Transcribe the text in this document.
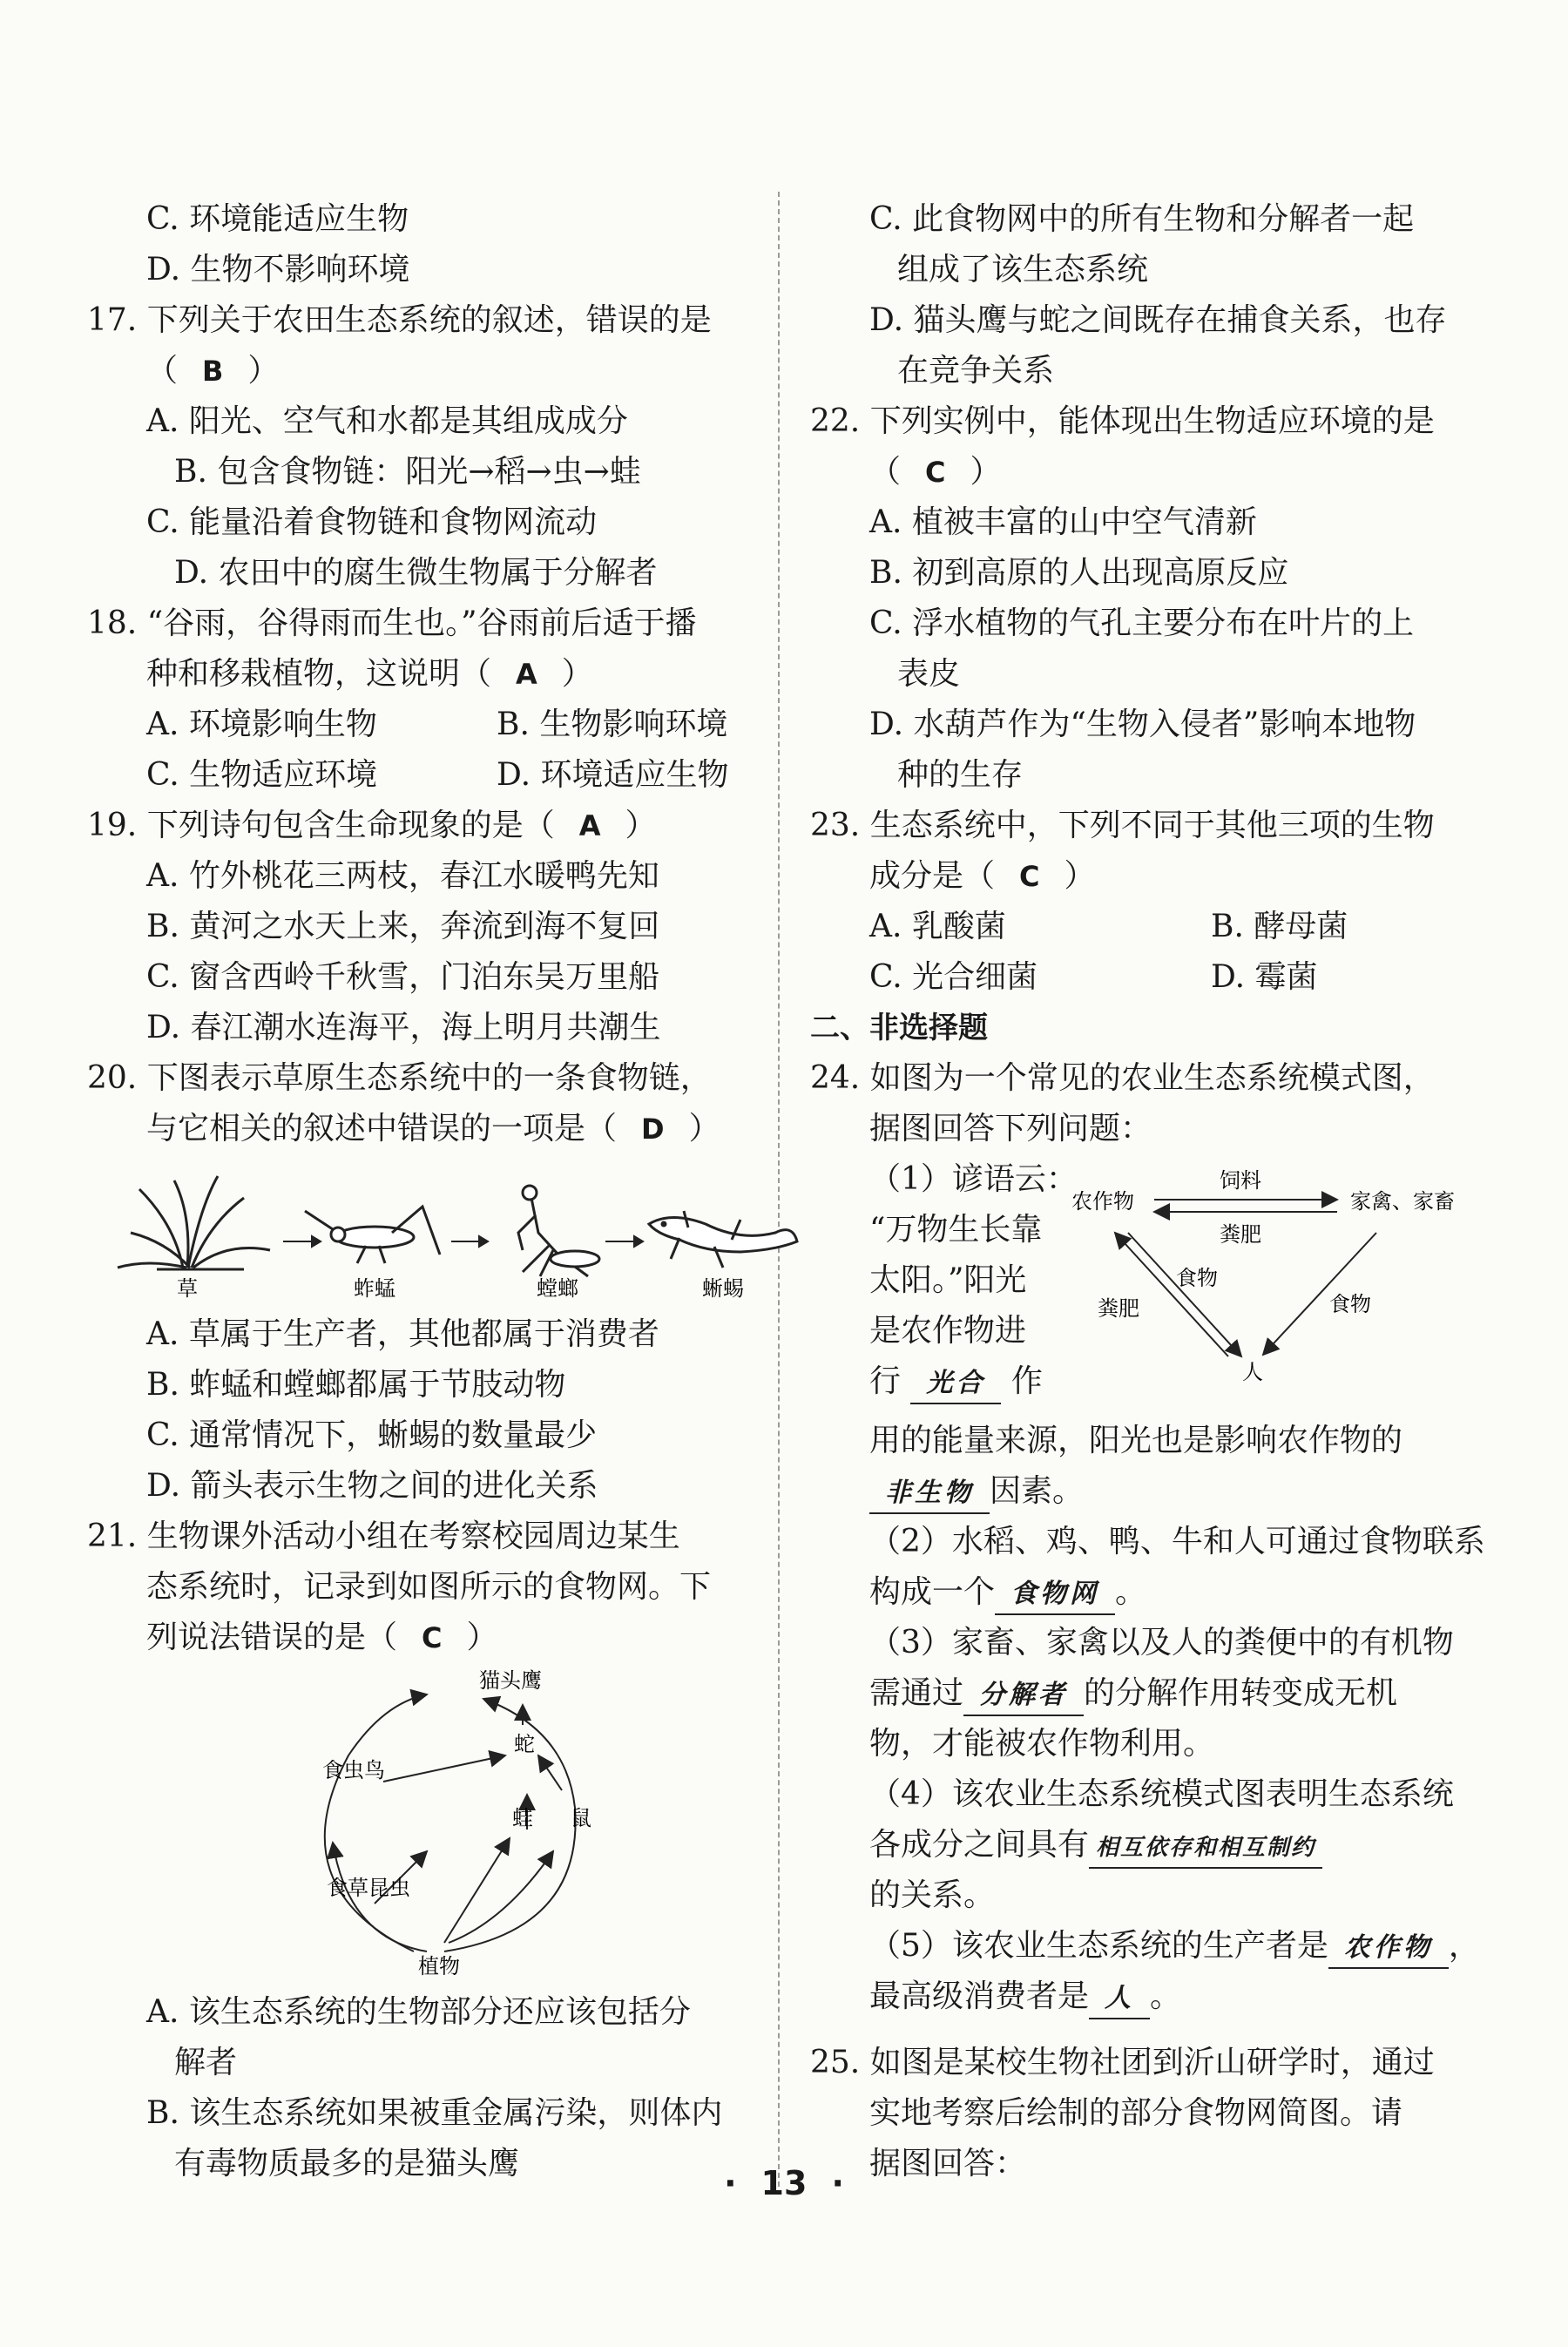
C. 环境能适应生物
D. 生物不影响环境
17. 下列关于农田生态系统的叙述，错误的是
（ B ）
A. 阳光、空气和水都是其组成成分
B. 包含食物链：阳光→稻→虫→蛙
C. 能量沿着食物链和食物网流动
D. 农田中的腐生微生物属于分解者
18. “谷雨，谷得雨而生也。”谷雨前后适于播
种和移栽植物，这说明（ A ）
A. 环境影响生物	B. 生物影响环境
C. 生物适应环境	D. 环境适应生物
19. 下列诗句包含生命现象的是（ A ）
A. 竹外桃花三两枝，春江水暖鸭先知
B. 黄河之水天上来，奔流到海不复回
C. 窗含西岭千秋雪，门泊东吴万里船
D. 春江潮水连海平，海上明月共潮生
20. 下图表示草原生态系统中的一条食物链，
与它相关的叙述中错误的一项是（ D ）
草	蚱蜢	螳螂	蜥蜴
A. 草属于生产者，其他都属于消费者
B. 蚱蜢和螳螂都属于节肢动物
C. 通常情况下，蜥蜴的数量最少
D. 箭头表示生物之间的进化关系
21. 生物课外活动小组在考察校园周边某生
态系统时，记录到如图所示的食物网。下
列说法错误的是（ C ）
猫头鹰
蛇
食虫鸟
蛙 鼠
食草昆虫
植物
A. 该生态系统的生物部分还应该包括分
解者
B. 该生态系统如果被重金属污染，则体内
有毒物质最多的是猫头鹰
C. 此食物网中的所有生物和分解者一起
组成了该生态系统
D. 猫头鹰与蛇之间既存在捕食关系，也存
在竞争关系
22. 下列实例中，能体现出生物适应环境的是
（ C ）
A. 植被丰富的山中空气清新
B. 初到高原的人出现高原反应
C. 浮水植物的气孔主要分布在叶片的上
表皮
D. 水葫芦作为“生物入侵者”影响本地物
种的生存
23. 生态系统中，下列不同于其他三项的生物
成分是（ C ）
A. 乳酸菌	B. 酵母菌
C. 光合细菌	D. 霉菌
二、非选择题
24. 如图为一个常见的农业生态系统模式图，
据图回答下列问题：
（1）谚语云：
“万物生长靠
太阳。”阳光
是农作物进
行 光合 作
农作物	家禽、家畜
饲料
粪肥
食物
粪肥	食物
人
用的能量来源，阳光也是影响农作物的
非生物 因素。
（2）水稻、鸡、鸭、牛和人可通过食物联系
构成一个 食物网 。
（3）家畜、家禽以及人的粪便中的有机物
需通过 分解者 的分解作用转变成无机
物，才能被农作物利用。
（4）该农业生态系统模式图表明生态系统
各成分之间具有 相互依存和相互制约
的关系。
（5）该农业生态系统的生产者是 农作物 ，
最高级消费者是 人 。
25. 如图是某校生物社团到沂山研学时，通过
实地考察后绘制的部分食物网简图。请
据图回答：
· 13 ·
